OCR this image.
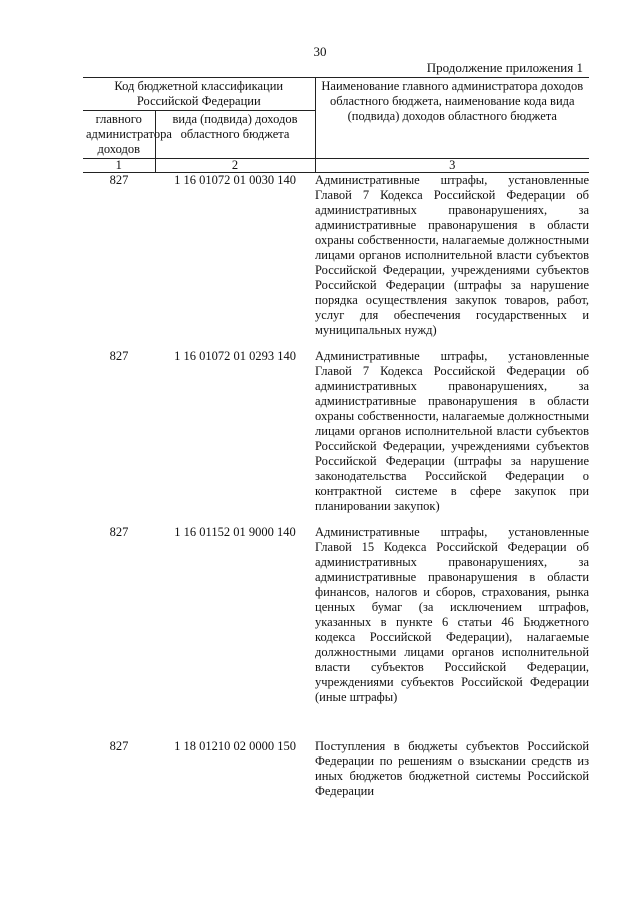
30
Продолжение приложения 1
Код бюджетной классификации Российской Федерации		Наименование главного администратора доходов областного бюджета, наименование кода вида (подвида) доходов областного бюджета
главного администратора доходов	вида (подвида) доходов областного бюджета	
1	2	3
827	1 16 01072 01 0030 140	Административные штрафы, установленные Главой 7 Кодекса Российской Федерации об административных правонарушениях, за административные правонарушения в области охраны собственности, налагаемые должностными лицами органов исполнительной власти субъектов Российской Федерации, учреждениями субъектов Российской Федерации (штрафы за нарушение порядка осуществления закупок товаров, работ, услуг для обеспечения государственных и муниципальных нужд)
827	1 16 01072 01 0293 140	Административные штрафы, установленные Главой 7 Кодекса Российской Федерации об административных правонарушениях, за административные правонарушения в области охраны собственности, налагаемые должностными лицами органов исполнительной власти субъектов Российской Федерации, учреждениями субъектов Российской Федерации (штрафы за нарушение законодательства Российской Федерации о контрактной системе в сфере закупок при планировании закупок)
827	1 16 01152 01 9000 140	Административные штрафы, установленные Главой 15 Кодекса Российской Федерации об административных правонарушениях, за административные правонарушения в области финансов, налогов и сборов, страхования, рынка ценных бумаг (за исключением штрафов, указанных в пункте 6 статьи 46 Бюджетного кодекса Российской Федерации), налагаемые должностными лицами органов исполнительной власти субъектов Российской Федерации, учреждениями субъектов Российской Федерации (иные штрафы)
827	1 18 01210 02 0000 150	Поступления в бюджеты субъектов Российской Федерации по решениям о взыскании средств из иных бюджетов бюджетной системы Российской Федерации
